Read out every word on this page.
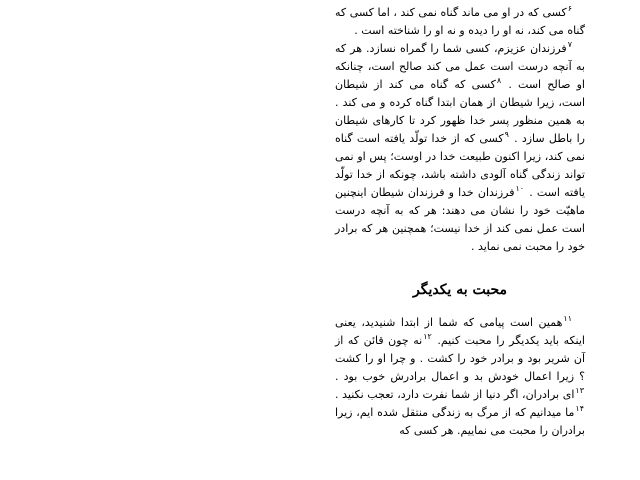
$^۶$کسی که در او می ماند گناه نمی کند ، اما کسی که گناه می کند، نه او را دیده و نه او را شناخته است .

$^۷$فرزندان عزیزم، کسی شما را گمراه نسازد. هر که به آنچه درست است عمل می کند صالح است، چنانکه او صالح است . $^۸$کسی که گناه می کند از شیطان است، زیرا شیطان از همان ابتدا گناه کرده و می کند . به همین منظور پسر خدا ظهور کرد تا کارهای شیطان را باطل سازد . $^۹$کسی که از خدا تولّد یافته است گناه نمی کند، زیرا اکنون طبیعت خدا در اوست؛ پس او نمی تواند زندگی گناه آلودی داشته باشد، چونکه از خدا تولّد یافته است . $^{۱۰}$فرزندان خدا و فرزندان شیطان اینچنین ماهیّت خود را نشان می دهند: هر که به آنچه درست است عمل نمی کند از خدا نیست؛ همچنین هر که برادر خود را محبت نمی نماید .

محبت به یکدیگر

$^{۱۱}$همین است پیامی که شما از ابتدا شنیدید، یعنی اینکه باید یکدیگر را محبت کنیم. $^{۱۲}$نه چون قائن که از آن شریر بود و برادر خود را کشت . و چرا او را کشت ؟ زیرا اعمال خودش بد و اعمال برادرش خوب بود . $^{۱۳}$ای برادران، اگر دنیا از شما نفرت دارد، تعجب نکنید . $^{۱۴}$ما میدانیم که از مرگ به زندگی منتقل شده ایم، زیرا برادران را محبت می نماییم. هر کسی که
